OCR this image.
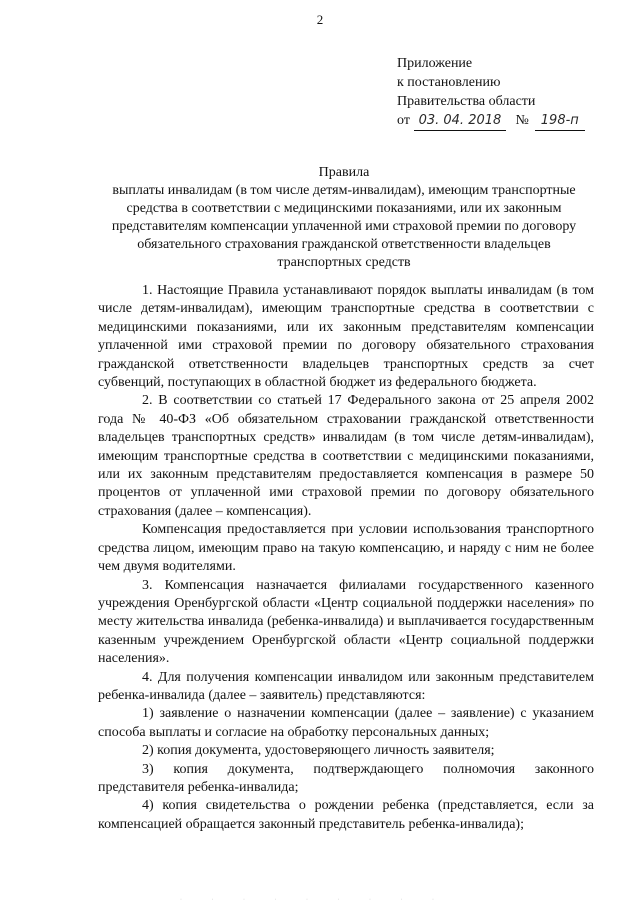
2
Приложение
к постановлению
Правительства области
от 03. 04. 2018 № 198-п
Правила
выплаты инвалидам (в том числе детям-инвалидам), имеющим транспортные средства в соответствии с медицинскими показаниями, или их законным представителям компенсации уплаченной ими страховой премии по договору обязательного страхования гражданской ответственности владельцев транспортных средств

1. Настоящие Правила устанавливают порядок выплаты инвалидам (в том числе детям-инвалидам), имеющим транспортные средства в соответствии с медицинскими показаниями, или их законным представителям компенсации уплаченной ими страховой премии по договору обязательного страхования гражданской ответственности владельцев транспортных средств за счет субвенций, поступающих в областной бюджет из федерального бюджета.

2. В соответствии со статьей 17 Федерального закона от 25 апреля 2002 года № 40-ФЗ «Об обязательном страховании гражданской ответственности владельцев транспортных средств» инвалидам (в том числе детям-инвалидам), имеющим транспортные средства в соответствии с медицинскими показаниями, или их законным представителям предоставляется компенсация в размере 50 процентов от уплаченной ими страховой премии по договору обязательного страхования (далее – компенсация).

Компенсация предоставляется при условии использования транспортного средства лицом, имеющим право на такую компенсацию, и наряду с ним не более чем двумя водителями.

3. Компенсация назначается филиалами государственного казенного учреждения Оренбургской области «Центр социальной поддержки населения» по месту жительства инвалида (ребенка-инвалида) и выплачивается государственным казенным учреждением Оренбургской области «Центр социальной поддержки населения».

4. Для получения компенсации инвалидом или законным представителем ребенка-инвалида (далее – заявитель) представляются:

1) заявление о назначении компенсации (далее – заявление) с указанием способа выплаты и согласие на обработку персональных данных;

2) копия документа, удостоверяющего личность заявителя;

3) копия документа, подтверждающего полномочия законного представителя ребенка-инвалида;

4) копия свидетельства о рождении ребенка (представляется, если за компенсацией обращается законный представитель ребенка-инвалида);

· · · · · · · · ·
